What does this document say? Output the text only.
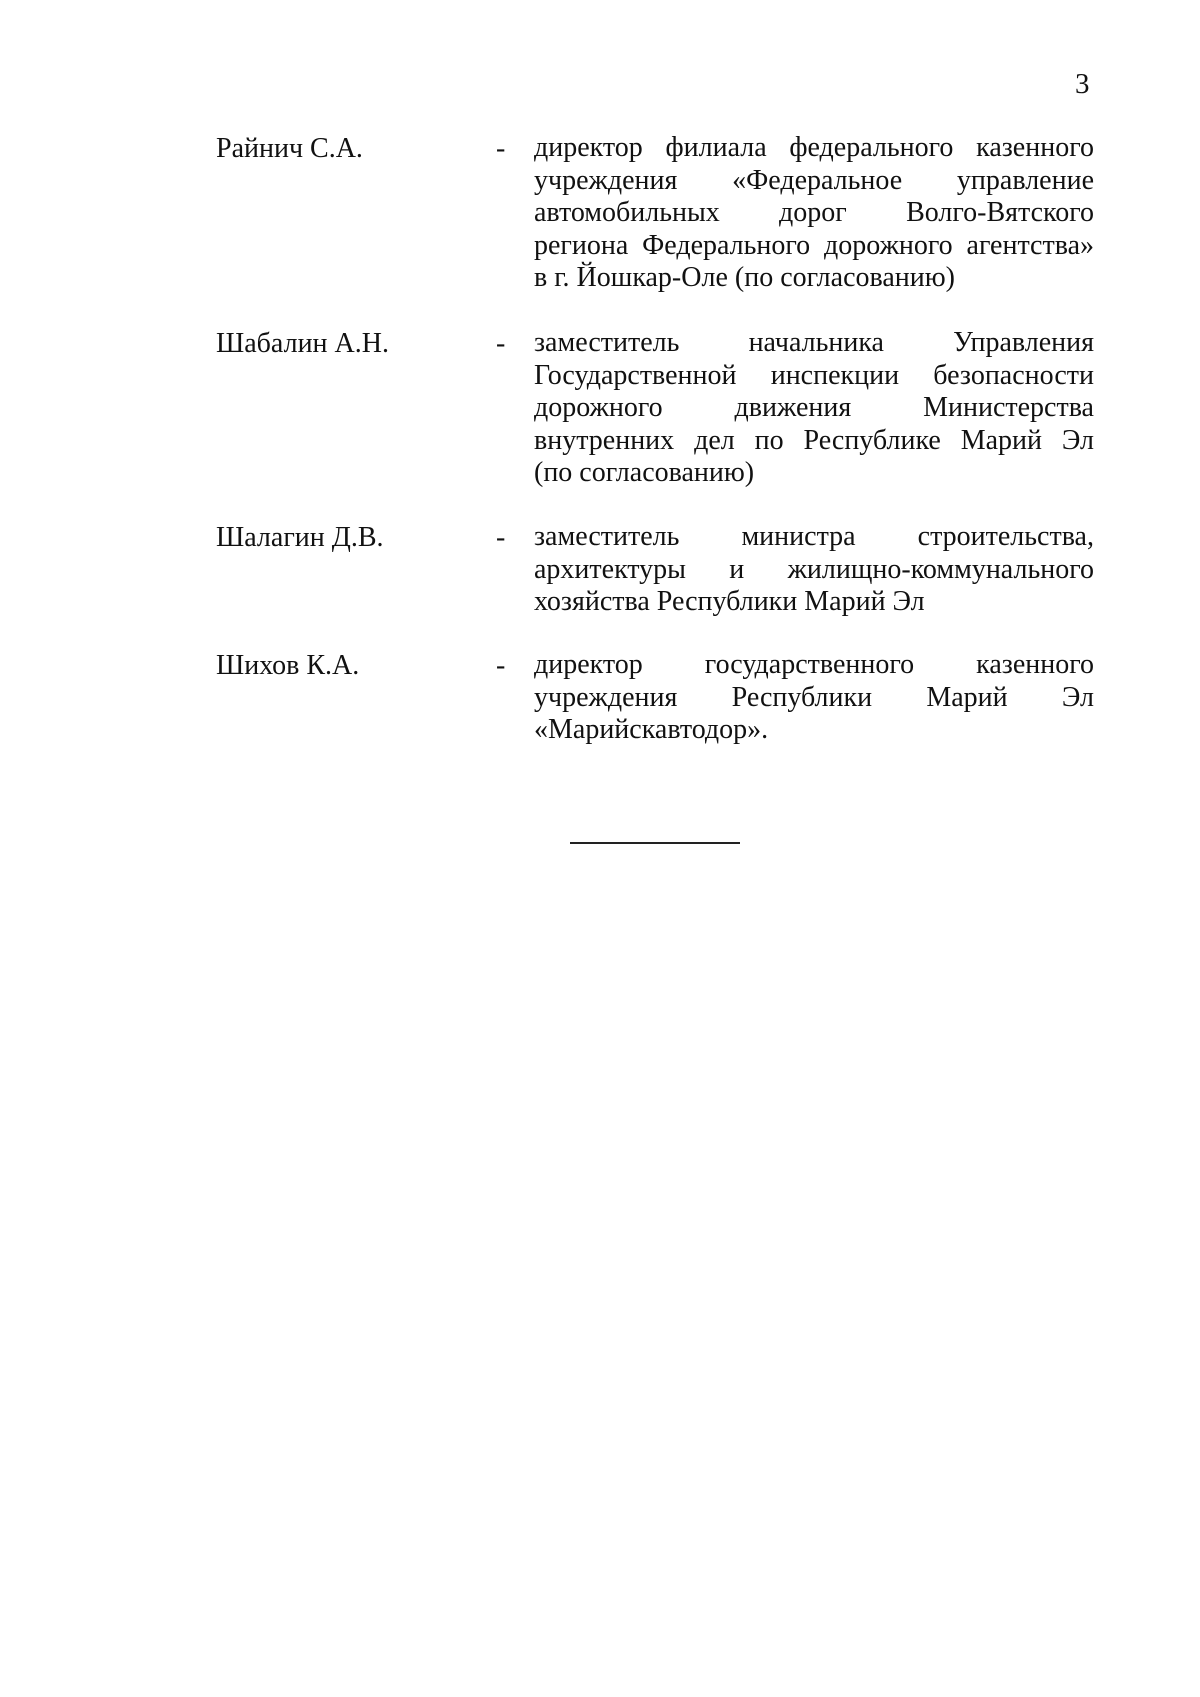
3
Райнич С.А.	- директор филиала федерального казенного
учреждения «Федеральное управление
автомобильных дорог Волго-Вятского
региона Федерального дорожного агентства»
в г. Йошкар-Оле (по согласованию)
Шабалин А.Н.	- заместитель начальника Управления
Государственной инспекции безопасности
дорожного движения Министерства
внутренних дел по Республике Марий Эл
(по согласованию)
Шалагин Д.В.	- заместитель министра строительства,
архитектуры и жилищно-коммунального
хозяйства Республики Марий Эл
Шихов К.А.	- директор государственного казенного
учреждения Республики Марий Эл
«Марийскавтодор».
